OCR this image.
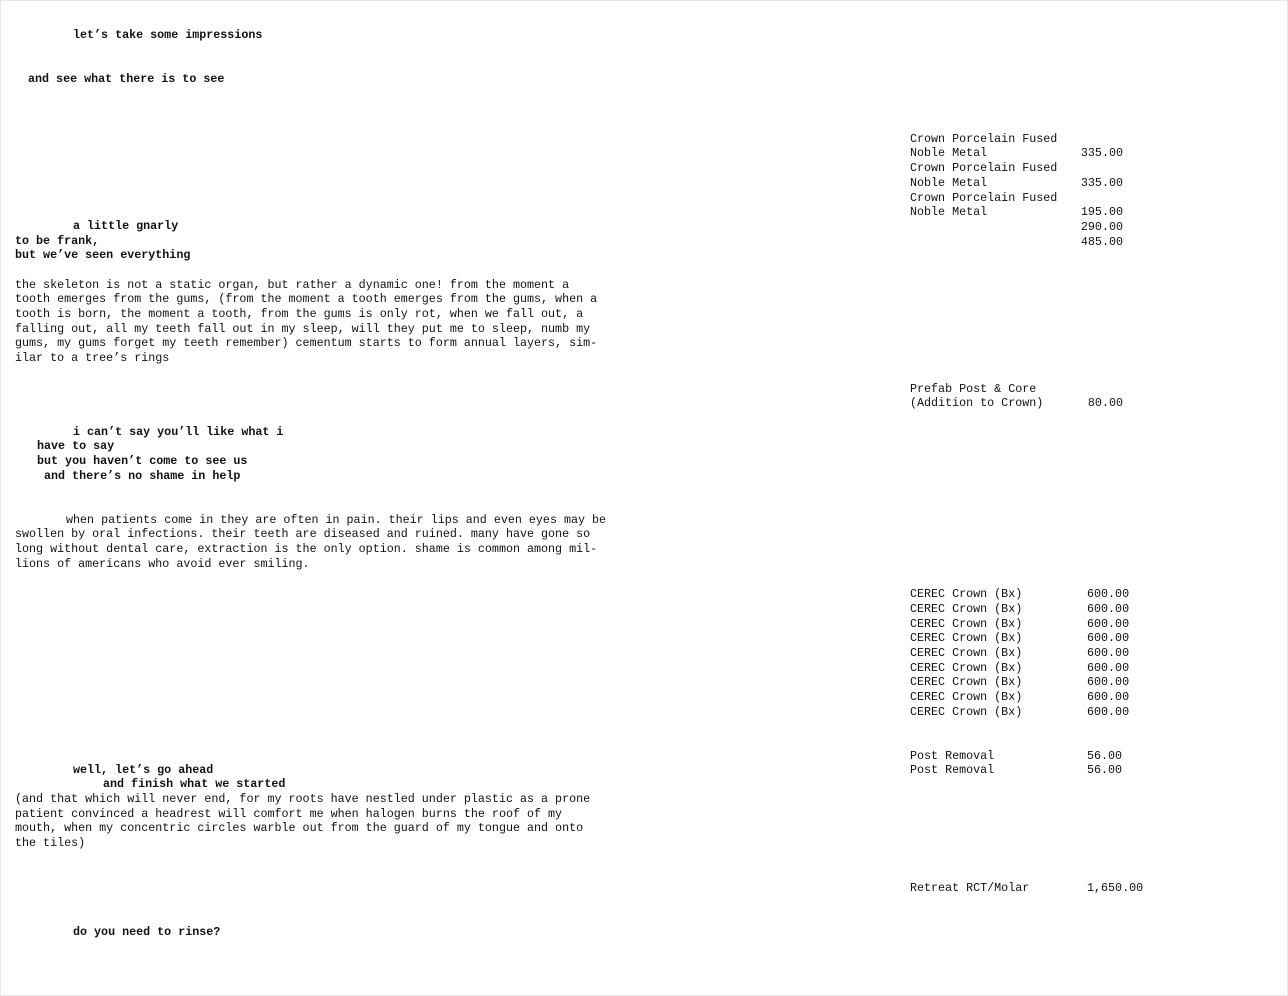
let’s take some impressions
and see what there is to see
a little gnarly
to be frank,
but we’ve seen everything
the skeleton is not a static organ, but rather a dynamic one! from the moment a
tooth emerges from the gums, (from the moment a tooth emerges from the gums, when a
tooth is born, the moment a tooth, from the gums is only rot, when we fall out, a
falling out, all my teeth fall out in my sleep, will they put me to sleep, numb my
gums, my gums forget my teeth remember) cementum starts to form annual layers, sim-
ilar to a tree’s rings
i can’t say you’ll like what i
have to say
but you haven’t come to see us
and there’s no shame in help
when patients come in they are often in pain. their lips and even eyes may be
swollen by oral infections. their teeth are diseased and ruined. many have gone so
long without dental care, extraction is the only option. shame is common among mil-
lions of americans who avoid ever smiling.
well, let’s go ahead
and finish what we started
(and that which will never end, for my roots have nestled under plastic as a prone
patient convinced a headrest will comfort me when halogen burns the roof of my
mouth, when my concentric circles warble out from the guard of my tongue and onto
the tiles)
do you need to rinse?
Crown Porcelain Fused
Noble Metal
Crown Porcelain Fused
Noble Metal
Crown Porcelain Fused
Noble Metal
335.00
335.00
195.00
290.00
485.00
Prefab Post & Core
(Addition to Crown)	80.00
CEREC Crown (Bx)
CEREC Crown (Bx)
CEREC Crown (Bx)
CEREC Crown (Bx)
CEREC Crown (Bx)
CEREC Crown (Bx)
CEREC Crown (Bx)
CEREC Crown (Bx)
CEREC Crown (Bx)
600.00
600.00
600.00
600.00
600.00
600.00
600.00
600.00
600.00
Post Removal
Post Removal
56.00
56.00
Retreat RCT/Molar	1,650.00
